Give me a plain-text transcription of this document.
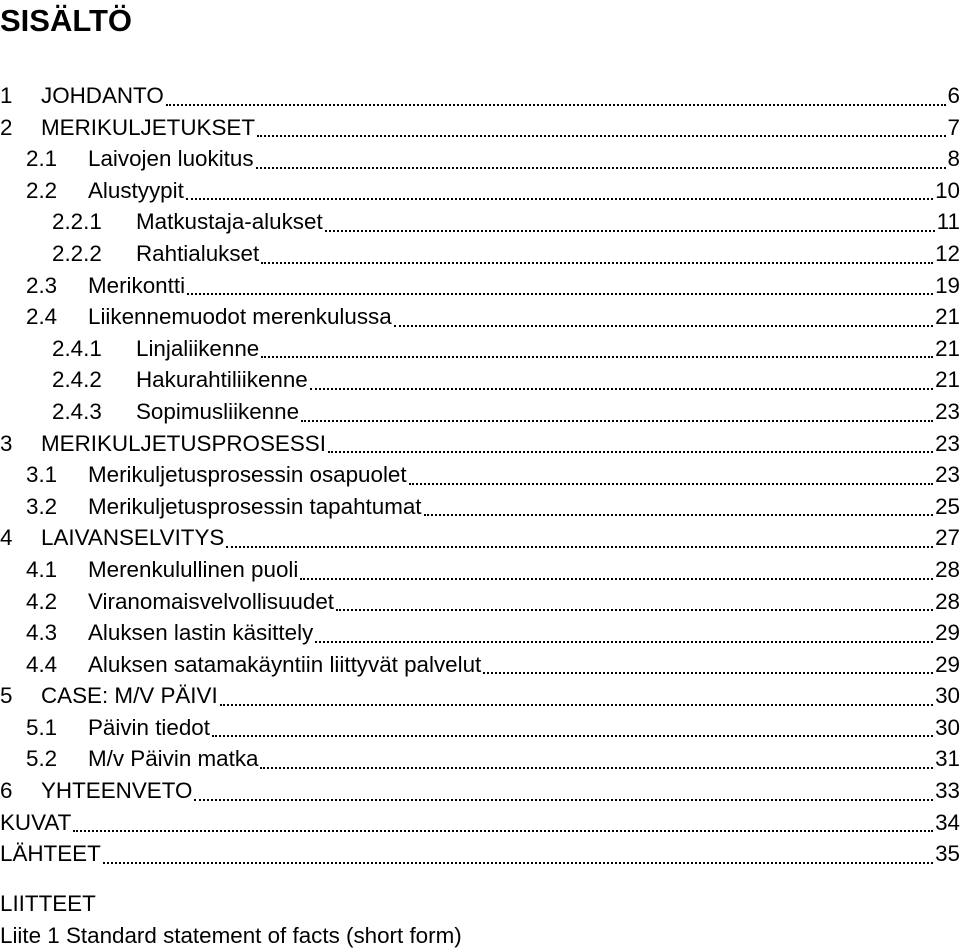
SISÄLTÖ
1	JOHDANTO	6
2	MERIKULJETUKSET	7
2.1	Laivojen luokitus	8
2.2	Alustyypit	10
2.2.1	Matkustaja-alukset	11
2.2.2	Rahtialukset	12
2.3	Merikontti	19
2.4	Liikennemuodot merenkulussa	21
2.4.1	Linjaliikenne	21
2.4.2	Hakurahtiliikenne	21
2.4.3	Sopimusliikenne	23
3	MERIKULJETUSPROSESSI	23
3.1	Merikuljetusprosessin osapuolet	23
3.2	Merikuljetusprosessin tapahtumat	25
4	LAIVANSELVITYS	27
4.1	Merenkulullinen puoli	28
4.2	Viranomaisvelvollisuudet	28
4.3	Aluksen lastin käsittely	29
4.4	Aluksen satamakäyntiin liittyvät palvelut	29
5	CASE: M/V PÄIVI	30
5.1	Päivin tiedot	30
5.2	M/v Päivin matka	31
6	YHTEENVETO	33
KUVAT	34
LÄHTEET	35
LIITTEET

Liite 1 Standard statement of facts (short form)
